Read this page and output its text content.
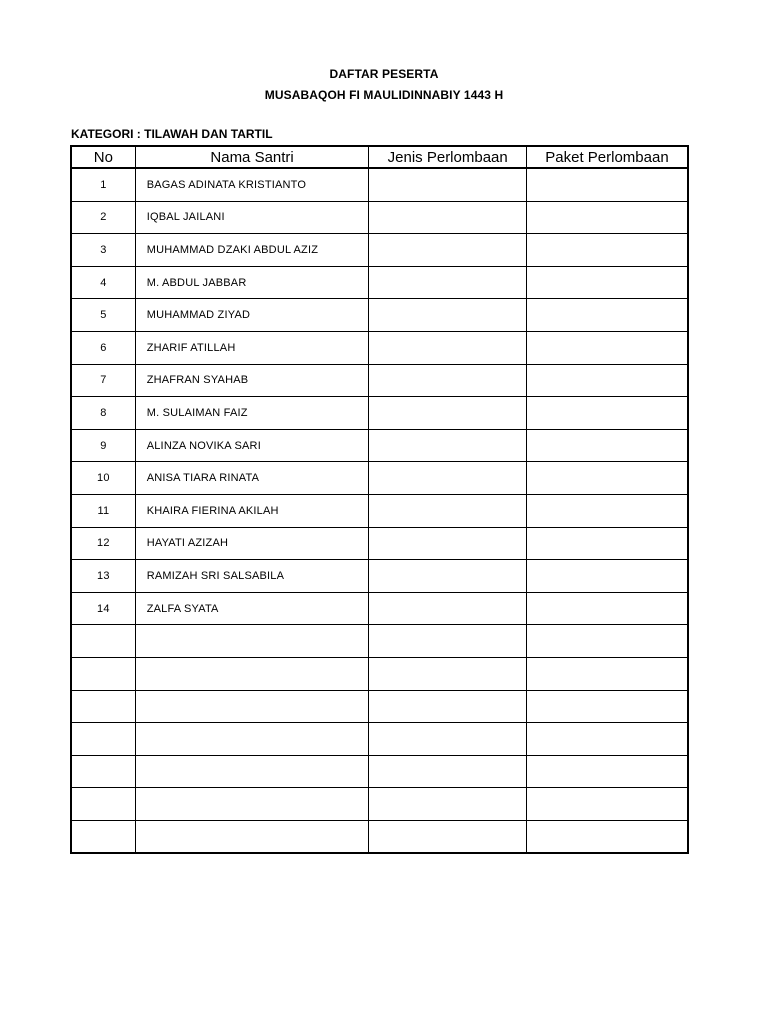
DAFTAR PESERTA
MUSABAQOH FI MAULIDINNABIY 1443 H
KATEGORI : TILAWAH DAN TARTIL
No	Nama Santri	Jenis Perlombaan	Paket Perlombaan
1	BAGAS ADINATA KRISTIANTO		
2	IQBAL JAILANI		
3	MUHAMMAD DZAKI ABDUL AZIZ		
4	M. ABDUL JABBAR		
5	MUHAMMAD ZIYAD		
6	ZHARIF ATILLAH		
7	ZHAFRAN SYAHAB		
8	M. SULAIMAN FAIZ		
9	ALINZA NOVIKA SARI		
10	ANISA TIARA RINATA		
11	KHAIRA FIERINA AKILAH		
12	HAYATI AZIZAH		
13	RAMIZAH SRI SALSABILA		
14	ZALFA SYATA		
